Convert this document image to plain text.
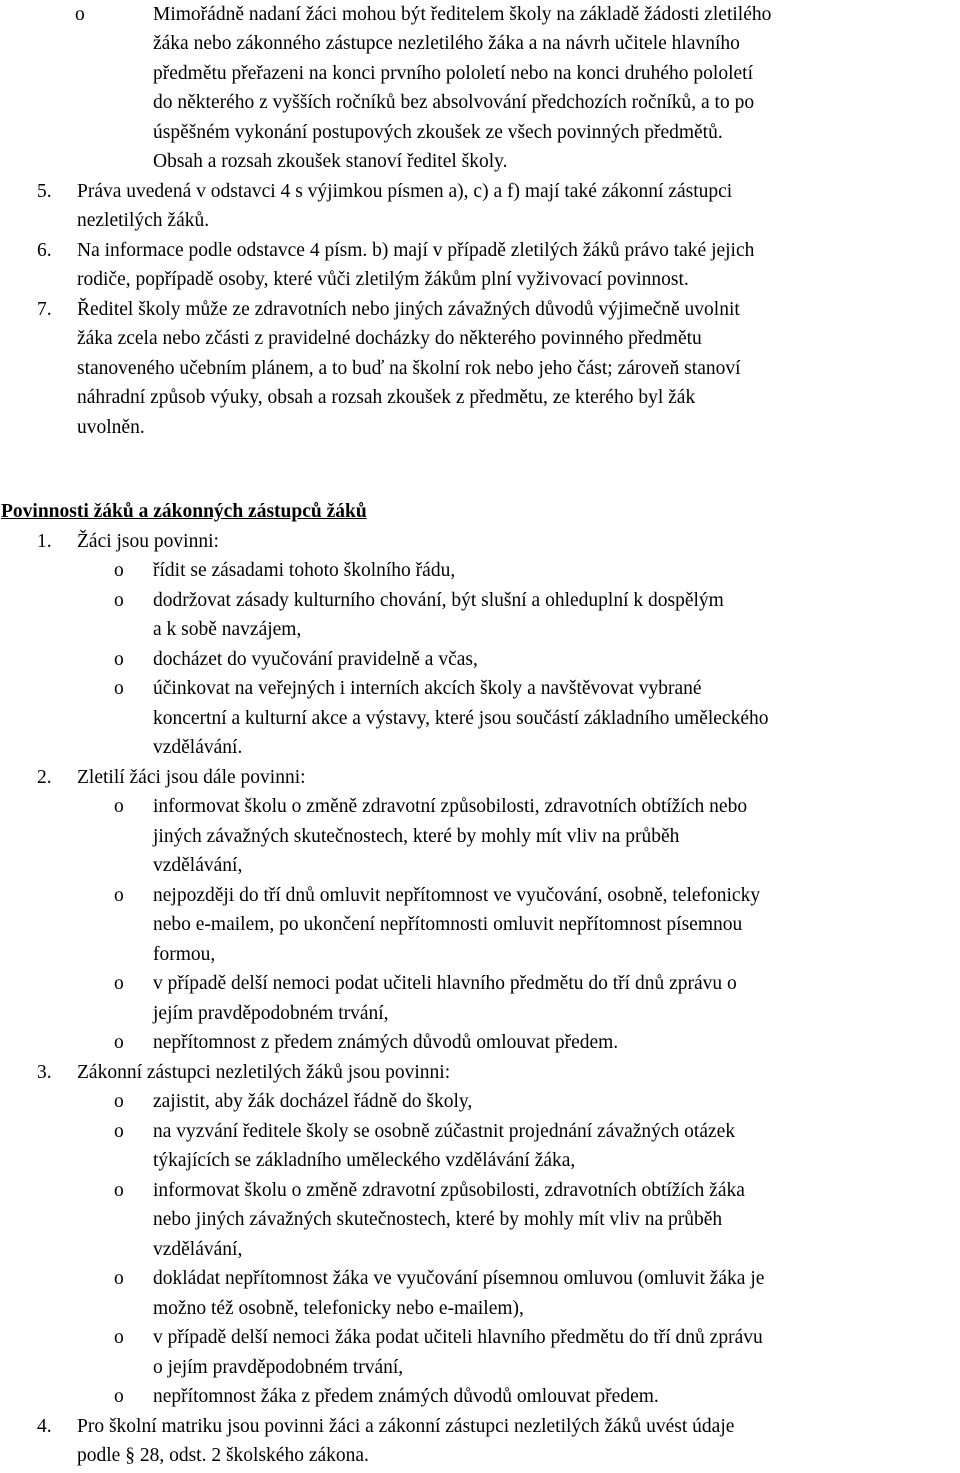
o	Mimořádně nadaní žáci mohou být ředitelem školy na základě žádosti zletilého
žáka nebo zákonného zástupce nezletilého žáka a na návrh učitele hlavního
předmětu přeřazeni na konci prvního pololetí nebo na konci druhého pololetí
do některého z vyšších ročníků bez absolvování předchozích ročníků, a to po
úspěšném vykonání postupových zkoušek ze všech povinných předmětů.
Obsah a rozsah zkoušek stanoví ředitel školy.
5. Práva uvedená v odstavci 4 s výjimkou písmen a), c) a f) mají také zákonní zástupci
nezletilých žáků.
6. Na informace podle odstavce 4 písm. b) mají v případě zletilých žáků právo také jejich
rodiče, popřípadě osoby, které vůči zletilým žákům plní vyživovací povinnost.
7. Ředitel školy může ze zdravotních nebo jiných závažných důvodů výjimečně uvolnit
žáka zcela nebo zčásti z pravidelné docházky do některého povinného předmětu
stanoveného učebním plánem, a to buď na školní rok nebo jeho část; zároveň stanoví
náhradní způsob výuky, obsah a rozsah zkoušek z předmětu, ze kterého byl žák
uvolněn.
Povinnosti žáků a zákonných zástupců žáků
1. Žáci jsou povinni:
o řídit se zásadami tohoto školního řádu,
o dodržovat zásady kulturního chování, být slušní a ohleduplní k dospělým
a k sobě navzájem,
o docházet do vyučování pravidelně a včas,
o účinkovat na veřejných i interních akcích školy a navštěvovat vybrané
koncertní a kulturní akce a výstavy, které jsou součástí základního uměleckého
vzdělávání.
2. Zletilí žáci jsou dále povinni:
o informovat školu o změně zdravotní způsobilosti, zdravotních obtížích nebo
jiných závažných skutečnostech, které by mohly mít vliv na průběh
vzdělávání,
o nejpozději do tří dnů omluvit nepřítomnost ve vyučování, osobně, telefonicky
nebo e-mailem, po ukončení nepřítomnosti omluvit nepřítomnost písemnou
formou,
o v případě delší nemoci podat učiteli hlavního předmětu do tří dnů zprávu o
jejím pravděpodobném trvání,
o nepřítomnost z předem známých důvodů omlouvat předem.
3. Zákonní zástupci nezletilých žáků jsou povinni:
o zajistit, aby žák docházel řádně do školy,
o na vyzvání ředitele školy se osobně zúčastnit projednání závažných otázek
týkajících se základního uměleckého vzdělávání žáka,
o informovat školu o změně zdravotní způsobilosti, zdravotních obtížích žáka
nebo jiných závažných skutečnostech, které by mohly mít vliv na průběh
vzdělávání,
o dokládat nepřítomnost žáka ve vyučování písemnou omluvou (omluvit žáka je
možno též osobně, telefonicky nebo e-mailem),
o v případě delší nemoci žáka podat učiteli hlavního předmětu do tří dnů zprávu
o jejím pravděpodobném trvání,
o nepřítomnost žáka z předem známých důvodů omlouvat předem.
4. Pro školní matriku jsou povinni žáci a zákonní zástupci nezletilých žáků uvést údaje
podle § 28, odst. 2 školského zákona.
